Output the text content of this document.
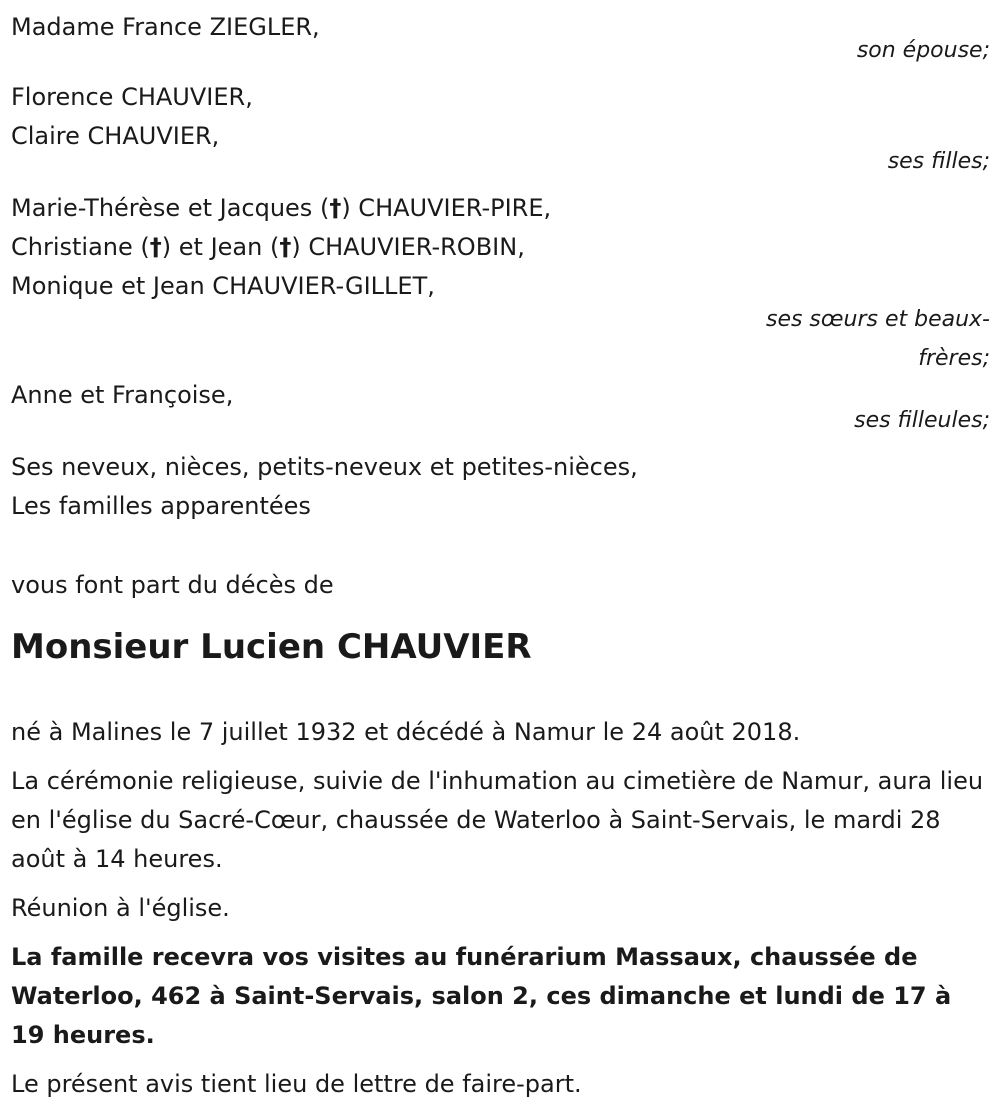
Madame France ZIEGLER,
son épouse;
Florence CHAUVIER,
Claire CHAUVIER,
ses filles;
Marie-Thérèse et Jacques (†) CHAUVIER-PIRE,
Christiane (†) et Jean (†) CHAUVIER-ROBIN,
Monique et Jean CHAUVIER-GILLET,
ses sœurs et beaux-frères;
Anne et Françoise,
ses filleules;
Ses neveux, nièces, petits-neveux et petites-nièces,
Les familles apparentées
vous font part du décès de
Monsieur Lucien CHAUVIER

né à Malines le 7 juillet 1932 et décédé à Namur le 24 août 2018.

La cérémonie religieuse, suivie de l'inhumation au cimetière de Namur, aura lieu en l'église du Sacré-Cœur, chaussée de Waterloo à Saint-Servais, le mardi 28 août à 14 heures.

Réunion à l'église.

La famille recevra vos visites au funérarium Massaux, chaussée de Waterloo, 462 à Saint-Servais, salon 2, ces dimanche et lundi de 17 à 19 heures.

Le présent avis tient lieu de lettre de faire-part.
